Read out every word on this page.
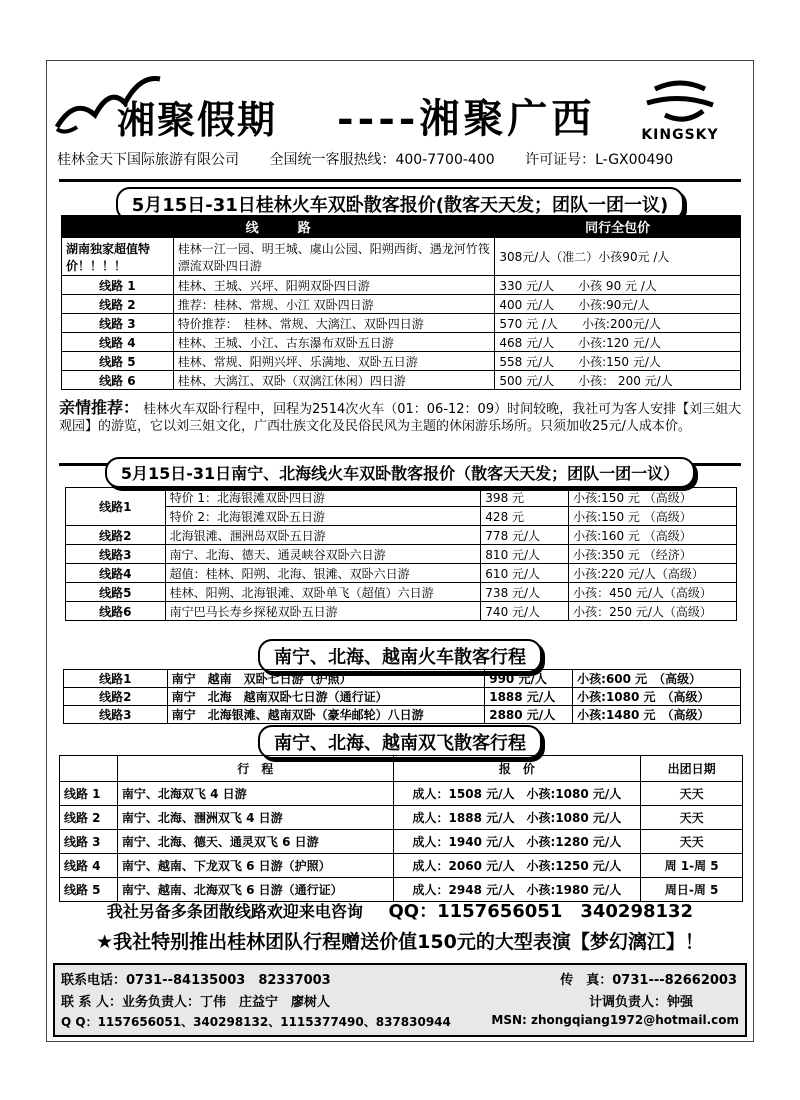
湘聚假期 ----湘聚广西	KINGSKY
桂林金天下国际旅游有限公司 全国统一客服热线：400-7700-400 许可证号：L-GX00490
5月15日-31日桂林火车双卧散客报价(散客天天发；团队一团一议)
线　　　路		同行全包价
湖南独家超值特　价！！！！	桂林一江一园、明王城、虞山公园、阳朔西街、遇龙河竹筏漂流双卧四日游	308元/人（准二）小孩90元 /人
线路 1	桂林、王城、兴坪、阳朔双卧四日游	330 元/人　　小孩 90 元 /人
线路 2	推荐：桂林、常规、小江 双卧四日游	400 元/人　　小孩:90元/人
线路 3	特价推荐：　桂林、常规、大漓江、双卧四日游	570 元 /人　　小孩:200元/人
线路 4	桂林、王城、小江、古东瀑布双卧五日游	468 元/人　　小孩:120 元/人
线路 5	桂林、常规、阳朔兴坪、乐满地、双卧五日游	558 元/人　　小孩:150 元/人
线路 6	桂林、大漓江、双卧（双漓江休闲）四日游	500 元/人　　小孩： 200 元/人
亲情推荐： 桂林火车双卧行程中，回程为2514次火车（01：06-12：09）时间较晚，我社可为客人安排【刘三姐大观园】的游览，它以刘三姐文化，广西壮族文化及民俗民风为主题的休闲游乐场所。只须加收25元/人成本价。
5月15日-31日南宁、北海线火车双卧散客报价（散客天天发；团队一团一议）
线路1	特价 1：北海银滩双卧四日游	398 元	小孩:150 元 （高级）
	特价 2：北海银滩双卧五日游	428 元	小孩:150 元 （高级）
线路2	北海银滩、涠洲岛双卧五日游	778 元/人	小孩:160 元 （高级）
线路3	南宁、北海、德天、通灵峡谷双卧六日游	810 元/人	小孩:350 元 （经济）
线路4	超值：桂林、阳朔、北海、银滩、双卧六日游	610 元/人	小孩:220 元/人（高级）
线路5	桂林、阳朔、北海银滩、双卧单飞（超值）六日游	738 元/人	小孩：450 元/人（高级）
线路6	南宁巴马长寿乡探秘双卧五日游	740 元/人	小孩：250 元/人（高级）
南宁、北海、越南火车散客行程
线路1	南宁　越南　双卧七日游（护照）	990 元/人	小孩:600 元　（高级）
线路2	南宁　北海　越南双卧七日游（通行证）	1888 元/人	小孩:1080 元　（高级）
线路3	南宁　北海银滩、越南双卧（豪华邮轮）八日游	2880 元/人	小孩:1480 元　（高级）
南宁、北海、越南双飞散客行程
	行　程	报　价	出团日期
线路 1	南宁、北海双飞 4 日游	成人：1508 元/人　小孩:1080 元/人	天天
线路 2	南宁、北海、涠洲双飞 4 日游	成人：1888 元/人　小孩:1080 元/人	天天
线路 3	南宁、北海、德天、通灵双飞 6 日游	成人：1940 元/人　小孩:1280 元/人	天天
线路 4	南宁、越南、下龙双飞 6 日游（护照）	成人：2060 元/人　小孩:1250 元/人	周 1-周 5
线路 5	南宁、越南、北海双飞 6 日游（通行证）	成人：2948 元/人　小孩:1980 元/人	周日-周 5
我社另备多条团散线路欢迎来电咨询 QQ：1157656051　340298132
★我社特别推出桂林团队行程赠送价值150元的大型表演【梦幻漓江】！
联系电话：0731--84135003　82337003	传　真：0731---82662003
联 系 人：业务负责人：丁伟　庄益宁　廖树人	计调负责人：钟强
Q Q：1157656051、340298132、1115377490、837830944	MSN: zhongqiang1972@hotmail.com
